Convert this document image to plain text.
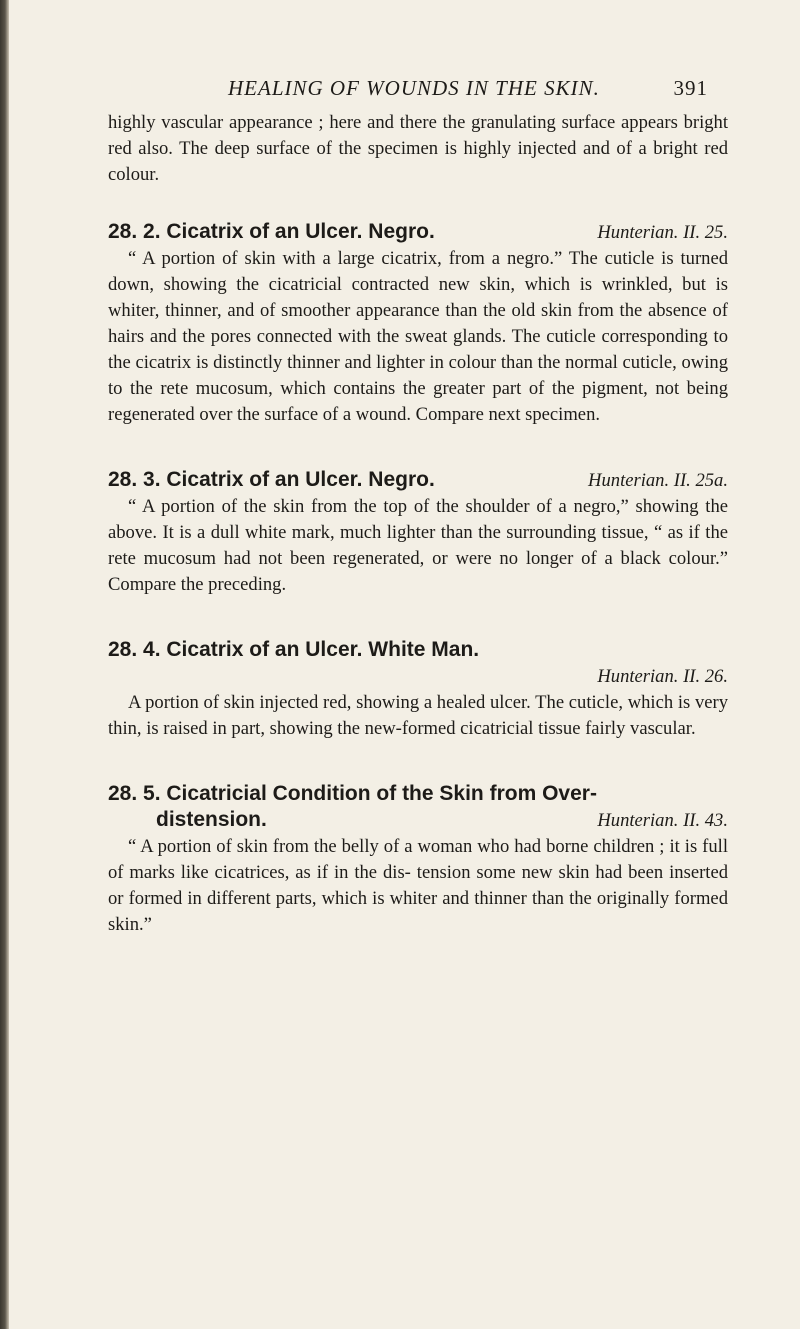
HEALING OF WOUNDS IN THE SKIN.	391

highly vascular appearance ; here and there the granulating surface appears bright red also. The deep surface of the specimen is highly injected and of a bright red colour.

28. 2. Cicatrix of an Ulcer. Negro.	Hunterian. II. 25.

“ A portion of skin with a large cicatrix, from a negro.” The cuticle is turned down, showing the cicatricial contracted new skin, which is wrinkled, but is whiter, thinner, and of smoother appearance than the old skin from the absence of hairs and the pores connected with the sweat glands. The cuticle corresponding to the cicatrix is distinctly thinner and lighter in colour than the normal cuticle, owing to the rete mucosum, which contains the greater part of the pigment, not being regenerated over the surface of a wound. Compare next specimen.

28. 3. Cicatrix of an Ulcer. Negro.	Hunterian. II. 25a.

“ A portion of the skin from the top of the shoulder of a negro,” showing the above. It is a dull white mark, much lighter than the surrounding tissue, “ as if the rete mucosum had not been regenerated, or were no longer of a black colour.” Compare the preceding.

28. 4. Cicatrix of an Ulcer. White Man.

Hunterian. II. 26.

A portion of skin injected red, showing a healed ulcer. The cuticle, which is very thin, is raised in part, showing the new-formed cicatricial tissue fairly vascular.

28. 5. Cicatricial Condition of the Skin from Over-
distension.	Hunterian. II. 43.

“ A portion of skin from the belly of a woman who had borne children ; it is full of marks like cicatrices, as if in the dis- tension some new skin had been inserted or formed in different parts, which is whiter and thinner than the originally formed skin.”
